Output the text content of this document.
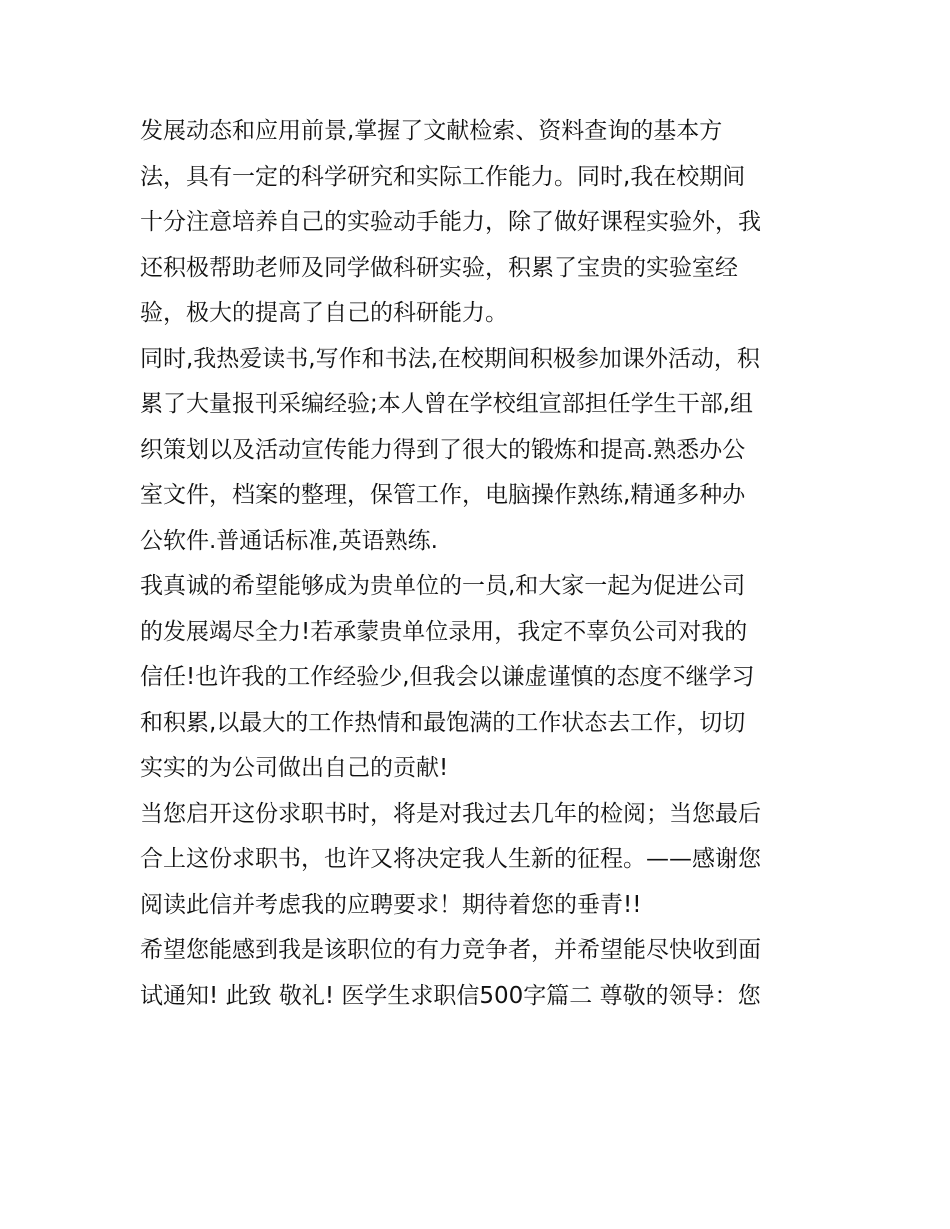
发展动态和应用前景,掌握了文献检索、资料查询的基本方
法，具有一定的科学研究和实际工作能力。同时,我在校期间
十分注意培养自己的实验动手能力，除了做好课程实验外，我
还积极帮助老师及同学做科研实验，积累了宝贵的实验室经
验，极大的提高了自己的科研能力。
同时,我热爱读书,写作和书法,在校期间积极参加课外活动，积
累了大量报刊采编经验;本人曾在学校组宣部担任学生干部,组
织策划以及活动宣传能力得到了很大的锻炼和提高.熟悉办公
室文件，档案的整理，保管工作，电脑操作熟练,精通多种办
公软件.普通话标准,英语熟练.
我真诚的希望能够成为贵单位的一员,和大家一起为促进公司
的发展竭尽全力!若承蒙贵单位录用，我定不辜负公司对我的
信任!也许我的工作经验少,但我会以谦虚谨慎的态度不继学习
和积累,以最大的工作热情和最饱满的工作状态去工作，切切
实实的为公司做出自己的贡献!
当您启开这份求职书时，将是对我过去几年的检阅；当您最后
合上这份求职书，也许又将决定我人生新的征程。——感谢您
阅读此信并考虑我的应聘要求！期待着您的垂青!!
希望您能感到我是该职位的有力竞争者，并希望能尽快收到面
试通知! 此致 敬礼! 医学生求职信500字篇二 尊敬的领导：您
